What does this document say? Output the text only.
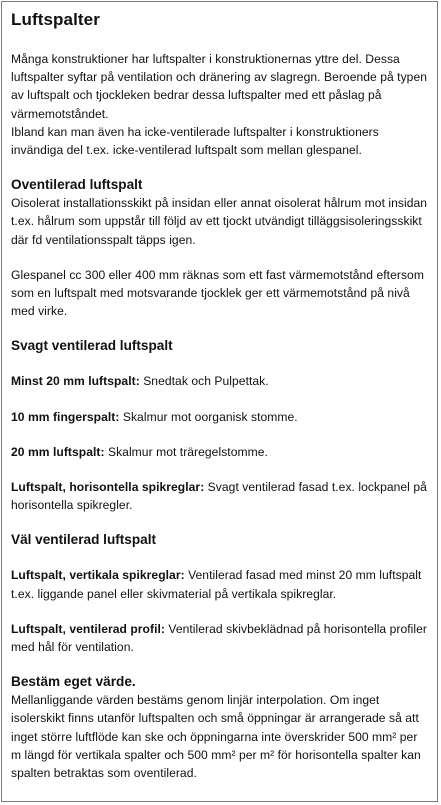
Luftspalter

Många konstruktioner har luftspalter i konstruktionernas yttre del. Dessa luftspalter syftar på ventilation och dränering av slagregn. Beroende på typen av luftspalt och tjockleken bedrar dessa luftspalter med ett påslag på värmemotståndet.

Ibland kan man även ha icke-ventilerade luftspalter i konstruktioners invändiga del t.ex. icke-ventilerad luftspalt som mellan glespanel.

Oventilerad luftspalt

Oisolerat installationsskikt på insidan eller annat oisolerat hålrum mot insidan t.ex. hålrum som uppstår till följd av ett tjockt utvändigt tilläggsisoleringsskikt där fd ventilationsspalt täpps igen.

Glespanel cc 300 eller 400 mm räknas som ett fast värmemotstånd eftersom som en luftspalt med motsvarande tjocklek ger ett värmemotstånd på nivå med virke.

Svagt ventilerad luftspalt

Minst 20 mm luftspalt: Snedtak och Pulpettak.

10 mm fingerspalt: Skalmur mot oorganisk stomme.

20 mm luftspalt: Skalmur mot träregelstomme.

Luftspalt, horisontella spikreglar: Svagt ventilerad fasad t.ex. lockpanel på horisontella spikregler.

Väl ventilerad luftspalt

Luftspalt, vertikala spikreglar: Ventilerad fasad med minst 20 mm luftspalt t.ex. liggande panel eller skivmaterial på vertikala spikreglar.

Luftspalt, ventilerad profil: Ventilerad skivbeklädnad på horisontella profiler med hål för ventilation.

Bestäm eget värde.

Mellanliggande värden bestäms genom linjär interpolation. Om inget isolerskikt finns utanför luftspalten och små öppningar är arrangerade så att inget större luftflöde kan ske och öppningarna inte överskrider 500 mm² per m längd för vertikala spalter och 500 mm² per m² för horisontella spalter kan spalten betraktas som oventilerad.
